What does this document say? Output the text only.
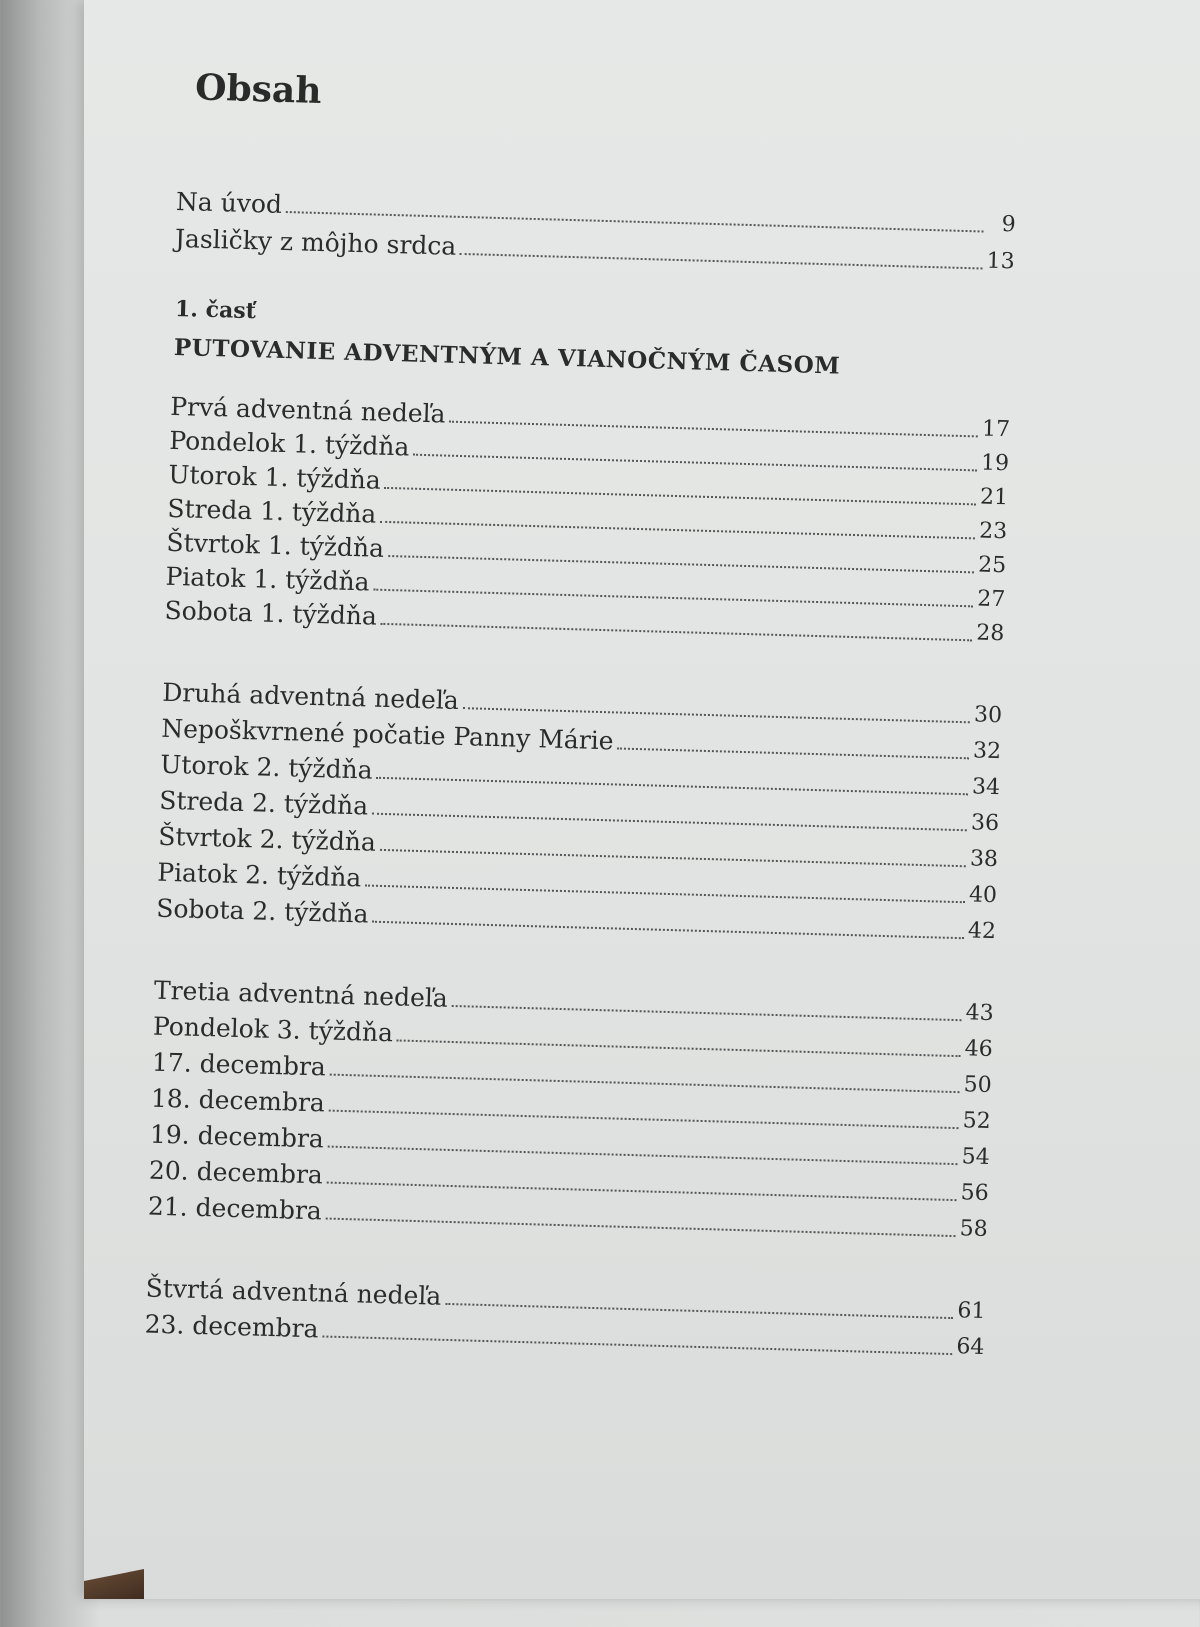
Obsah
Na úvod
9
Jasličky z môjho srdca
13
1. časť
PUTOVANIE ADVENTNÝM A VIANOČNÝM ČASOM
Prvá adventná nedeľa
17
Pondelok 1. týždňa
19
Utorok 1. týždňa
21
Streda 1. týždňa
23
Štvrtok 1. týždňa
25
Piatok 1. týždňa
27
Sobota 1. týždňa
28
Druhá adventná nedeľa
30
Nepoškvrnené počatie Panny Márie	32
Utorok 2. týždňa
34
Streda 2. týždňa
36
Štvrtok 2. týždňa
38
Piatok 2. týždňa
40
Sobota 2. týždňa
42
Tretia adventná nedeľa
43
Pondelok 3. týždňa
46
17. decembra
50
18. decembra
52
19. decembra
54
20. decembra
56
21. decembra
58
Štvrtá adventná nedeľa
61
23. decembra
64
